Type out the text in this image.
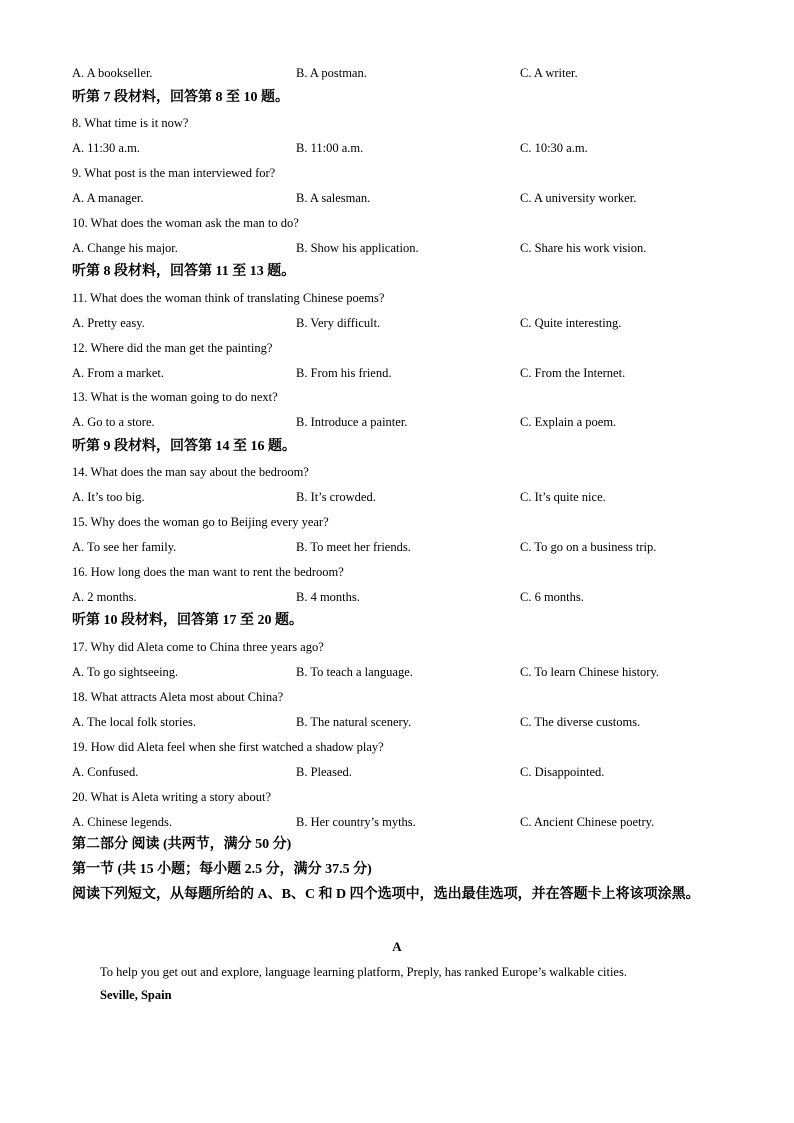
A. A bookseller.	B. A postman.	C. A writer.
听第 7 段材料，回答第 8 至 10 题。
8. What time is it now?
A. 11:30 a.m.	B. 11:00 a.m.	C. 10:30 a.m.
9. What post is the man interviewed for?
A. A manager.	B. A salesman.	C. A university worker.
10. What does the woman ask the man to do?
A. Change his major.	B. Show his application.	C. Share his work vision.
听第 8 段材料，回答第 11 至 13 题。
11. What does the woman think of translating Chinese poems?
A. Pretty easy.	B. Very difficult.	C. Quite interesting.
12. Where did the man get the painting?
A. From a market.	B. From his friend.	C. From the Internet.
13. What is the woman going to do next?
A. Go to a store.	B. Introduce a painter.	C. Explain a poem.
听第 9 段材料，回答第 14 至 16 题。
14. What does the man say about the bedroom?
A. It’s too big.	B. It’s crowded.	C. It’s quite nice.
15. Why does the woman go to Beijing every year?
A. To see her family.	B. To meet her friends.	C. To go on a business trip.
16. How long does the man want to rent the bedroom?
A. 2 months.	B. 4 months.	C. 6 months.
听第 10 段材料，回答第 17 至 20 题。
17. Why did Aleta come to China three years ago?
A. To go sightseeing.	B. To teach a language.	C. To learn Chinese history.
18. What attracts Aleta most about China?
A. The local folk stories.	B. The natural scenery.	C. The diverse customs.
19. How did Aleta feel when she first watched a shadow play?
A. Confused.	B. Pleased.	C. Disappointed.
20. What is Aleta writing a story about?
A. Chinese legends.	B. Her country’s myths.	C. Ancient Chinese poetry.
第二部分 阅读 (共两节，满分 50 分)
第一节 (共 15 小题；每小题 2.5 分，满分 37.5 分)
阅读下列短文，从每题所给的 A、B、C 和 D 四个选项中，选出最佳选项，并在答题卡上将该项涂黑。
A
To help you get out and explore, language learning platform, Preply, has ranked Europe’s walkable cities.
Seville, Spain
